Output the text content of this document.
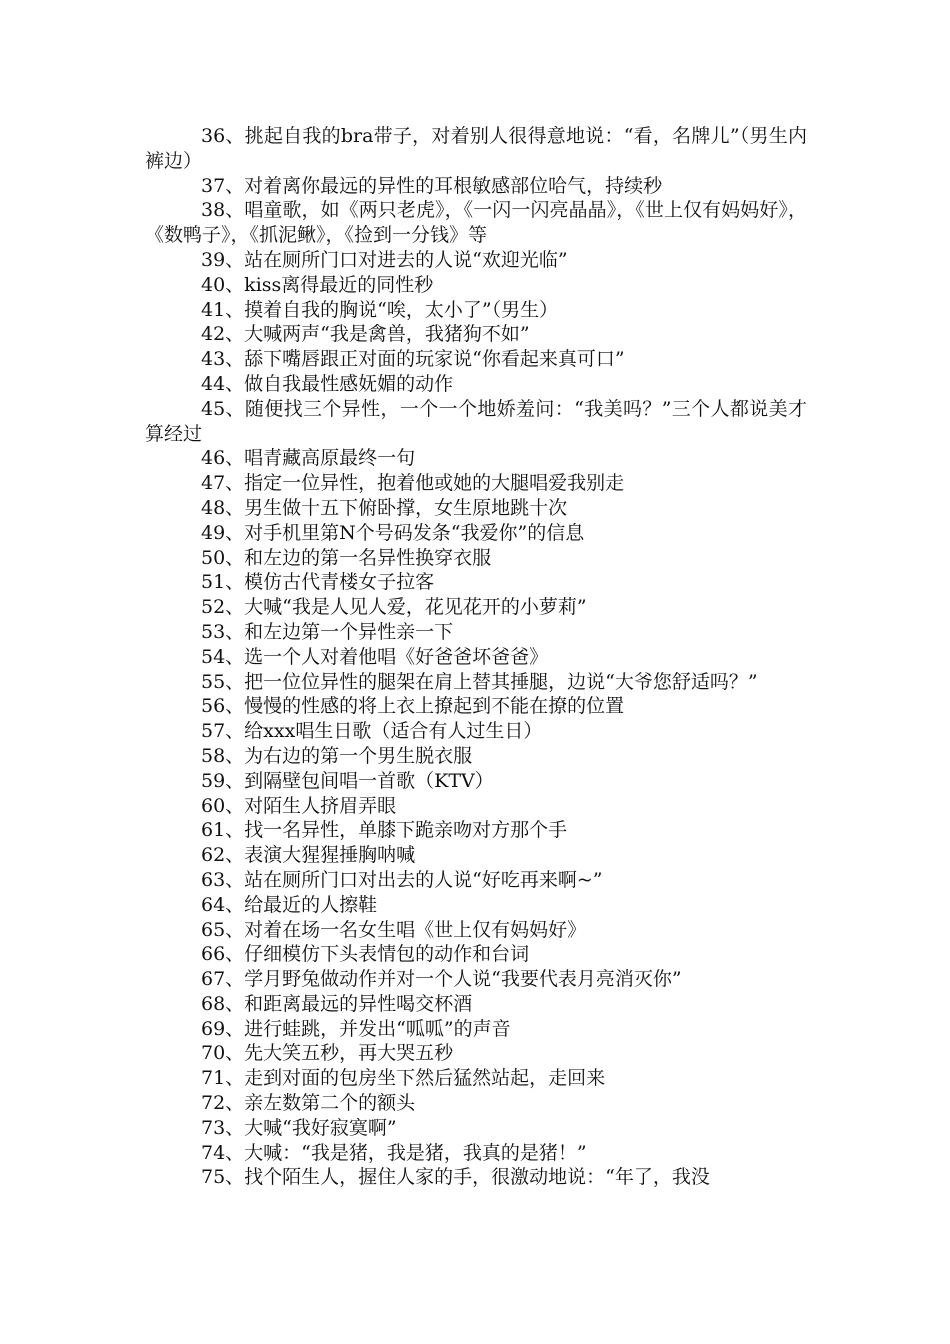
36、挑起自我的bra带子，对着别人很得意地说：“看，名牌儿”（男生内裤边）

37、对着离你最远的异性的耳根敏感部位哈气，持续秒

38、唱童歌，如《两只老虎》，《一闪一闪亮晶晶》，《世上仅有妈妈好》，《数鸭子》，《抓泥鳅》，《捡到一分钱》等

39、站在厕所门口对进去的人说“欢迎光临”

40、kiss离得最近的同性秒

41、摸着自我的胸说“唉，太小了”（男生）

42、大喊两声“我是禽兽，我猪狗不如”

43、舔下嘴唇跟正对面的玩家说“你看起来真可口”

44、做自我最性感妩媚的动作

45、随便找三个异性，一个一个地娇羞问：“我美吗？”三个人都说美才算经过

46、唱青藏高原最终一句

47、指定一位异性，抱着他或她的大腿唱爱我别走

48、男生做十五下俯卧撑，女生原地跳十次

49、对手机里第N个号码发条“我爱你”的信息

50、和左边的第一名异性换穿衣服

51、模仿古代青楼女子拉客

52、大喊“我是人见人爱，花见花开的小萝莉”

53、和左边第一个异性亲一下

54、选一个人对着他唱《好爸爸坏爸爸》

55、把一位位异性的腿架在肩上替其捶腿，边说“大爷您舒适吗？”

56、慢慢的性感的将上衣上撩起到不能在撩的位置

57、给xxx唱生日歌（适合有人过生日）

58、为右边的第一个男生脱衣服

59、到隔壁包间唱一首歌（KTV）

60、对陌生人挤眉弄眼

61、找一名异性，单膝下跪亲吻对方那个手

62、表演大猩猩捶胸呐喊

63、站在厕所门口对出去的人说“好吃再来啊~”

64、给最近的人擦鞋

65、对着在场一名女生唱《世上仅有妈妈好》

66、仔细模仿下头表情包的动作和台词

67、学月野兔做动作并对一个人说“我要代表月亮消灭你”

68、和距离最远的异性喝交杯酒

69、进行蛙跳，并发出“呱呱”的声音

70、先大笑五秒，再大哭五秒

71、走到对面的包房坐下然后猛然站起，走回来

72、亲左数第二个的额头

73、大喊“我好寂寞啊”

74、大喊：“我是猪，我是猪，我真的是猪！”

75、找个陌生人，握住人家的手，很激动地说：“年了，我没
